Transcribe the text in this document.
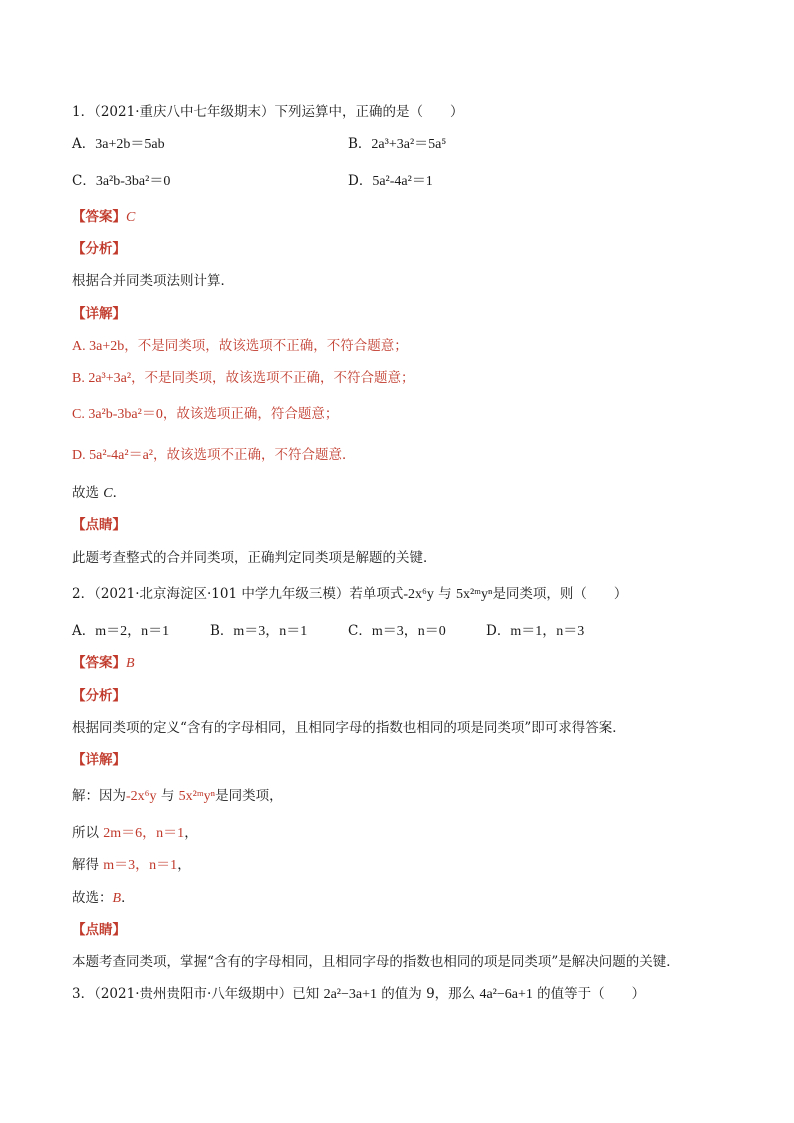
1．（2021·重庆八中七年级期末）下列运算中，正确的是（　　）
A．3a+2b＝5ab	B．2a³+3a²＝5a⁵
C．3a²b-3ba²＝0	D．5a²-4a²＝1
【答案】C
【分析】
根据合并同类项法则计算．
【详解】
A. 3a+2b，不是同类项，故该选项不正确，不符合题意；
B. 2a³+3a²，不是同类项，故该选项不正确，不符合题意；
C. 3a²b-3ba²＝0，故该选项正确，符合题意；
D. 5a²-4a²＝a²，故该选项不正确，不符合题意．
故选 C．
【点睛】
此题考查整式的合并同类项，正确判定同类项是解题的关键．
2．（2021·北京海淀区·101 中学九年级三模）若单项式-2x⁶y 与 5x²ᵐyⁿ是同类项，则（　　）
A．m＝2，n＝1	B．m＝3，n＝1	C．m＝3，n＝0	D．m＝1，n＝3
【答案】B
【分析】
根据同类项的定义“含有的字母相同，且相同字母的指数也相同的项是同类项”即可求得答案．
【详解】
解：因为-2x⁶y 与 5x²ᵐyⁿ是同类项，
所以 2m＝6，n＝1，
解得 m＝3，n＝1，
故选：B．
【点睛】
本题考查同类项，掌握“含有的字母相同，且相同字母的指数也相同的项是同类项”是解决问题的关键．
3．（2021·贵州贵阳市·八年级期中）已知 2a²−3a+1 的值为 9，那么 4a²−6a+1 的值等于（　　）
